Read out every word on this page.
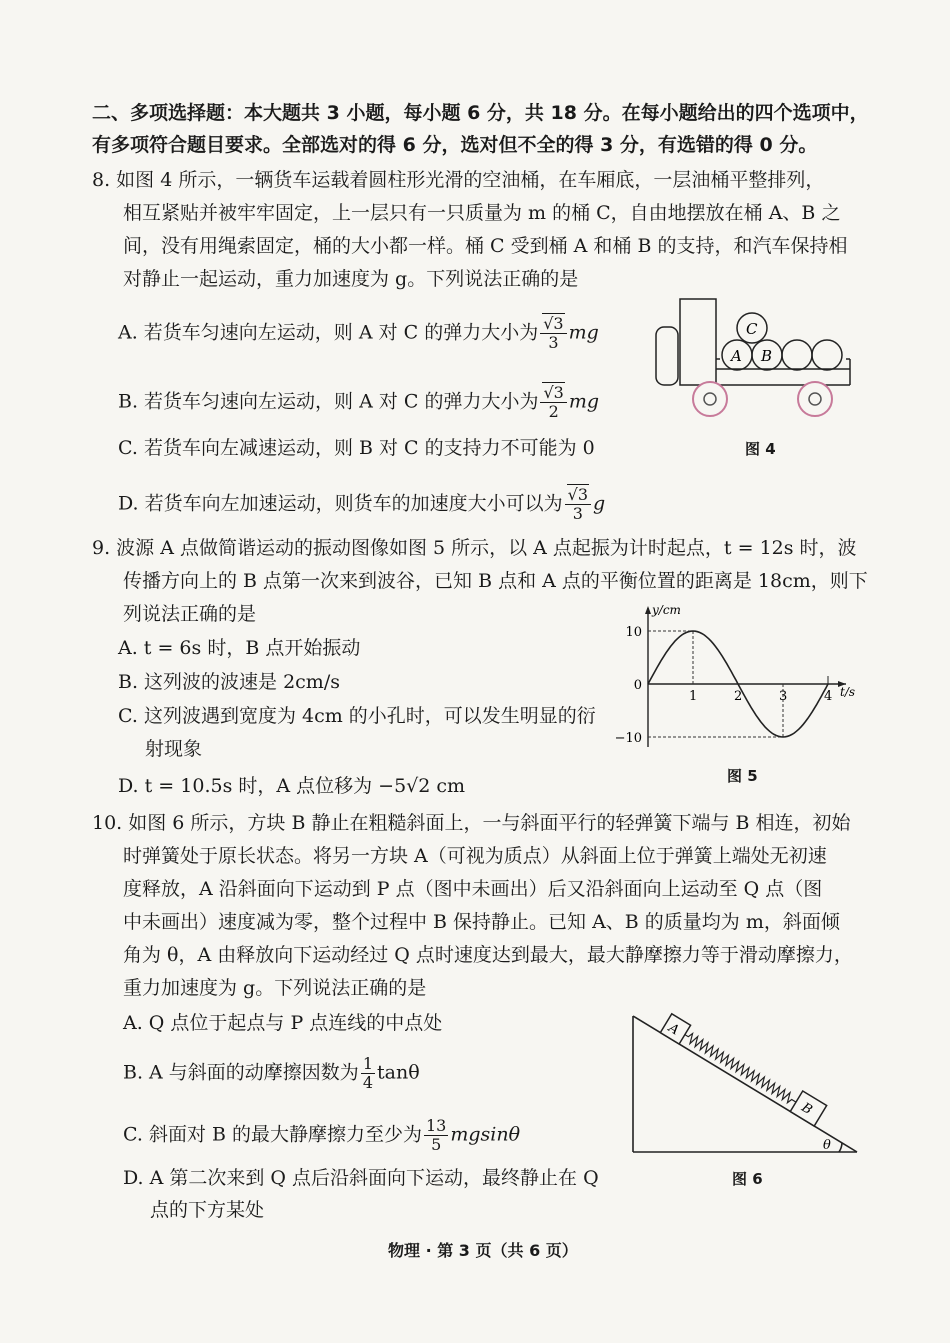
二、多项选择题：本大题共 3 小题，每小题 6 分，共 18 分。在每小题给出的四个选项中，
有多项符合题目要求。全部选对的得 6 分，选对但不全的得 3 分，有选错的得 0 分。
8. 如图 4 所示，一辆货车运载着圆柱形光滑的空油桶，在车厢底，一层油桶平整排列，
相互紧贴并被牢牢固定，上一层只有一只质量为 m 的桶 C，自由地摆放在桶 A、B 之
间，没有用绳索固定，桶的大小都一样。桶 C 受到桶 A 和桶 B 的支持，和汽车保持相
对静止一起运动，重力加速度为 g。下列说法正确的是
A. 若货车匀速向左运动，则 A 对 C 的弹力大小为 $\frac{√3}{3}$ mg
B. 若货车匀速向左运动，则 A 对 C 的弹力大小为 $\frac{√3}{2}$ mg
C. 若货车向左减速运动，则 B 对 C 的支持力不可能为 0
D. 若货车向左加速运动，则货车的加速度大小可以为 $\frac{√3}{3}$ g
A B
C
图 4
9. 波源 A 点做简谐运动的振动图像如图 5 所示，以 A 点起振为计时起点，t = 12s 时，波
传播方向上的 B 点第一次来到波谷，已知 B 点和 A 点的平衡位置的距离是 18cm，则下
列说法正确的是
A. t = 6s 时，B 点开始振动
B. 这列波的波速是 2cm/s
C. 这列波遇到宽度为 4cm 的小孔时，可以发生明显的衍
射现象
D. t = 10.5s 时，A 点位移为 −5√2 cm
1	2	3	4
10
0
−10
t/s
y/cm
图 5
10. 如图 6 所示，方块 B 静止在粗糙斜面上，一与斜面平行的轻弹簧下端与 B 相连，初始
时弹簧处于原长状态。将另一方块 A（可视为质点）从斜面上位于弹簧上端处无初速
度释放，A 沿斜面向下运动到 P 点（图中未画出）后又沿斜面向上运动至 Q 点（图
中未画出）速度减为零，整个过程中 B 保持静止。已知 A、B 的质量均为 m，斜面倾
角为 θ，A 由释放向下运动经过 Q 点时速度达到最大，最大静摩擦力等于滑动摩擦力，
重力加速度为 g。下列说法正确的是
A. Q 点位于起点与 P 点连线的中点处
B. A 与斜面的动摩擦因数为 $\frac{1}{4}$ tanθ
C. 斜面对 B 的最大静摩擦力至少为 $\frac{13}{5}$ mgsinθ
D. A 第二次来到 Q 点后沿斜面向下运动，最终静止在 Q
点的下方某处
A
B
θ
图 6
物理 · 第 3 页（共 6 页）
